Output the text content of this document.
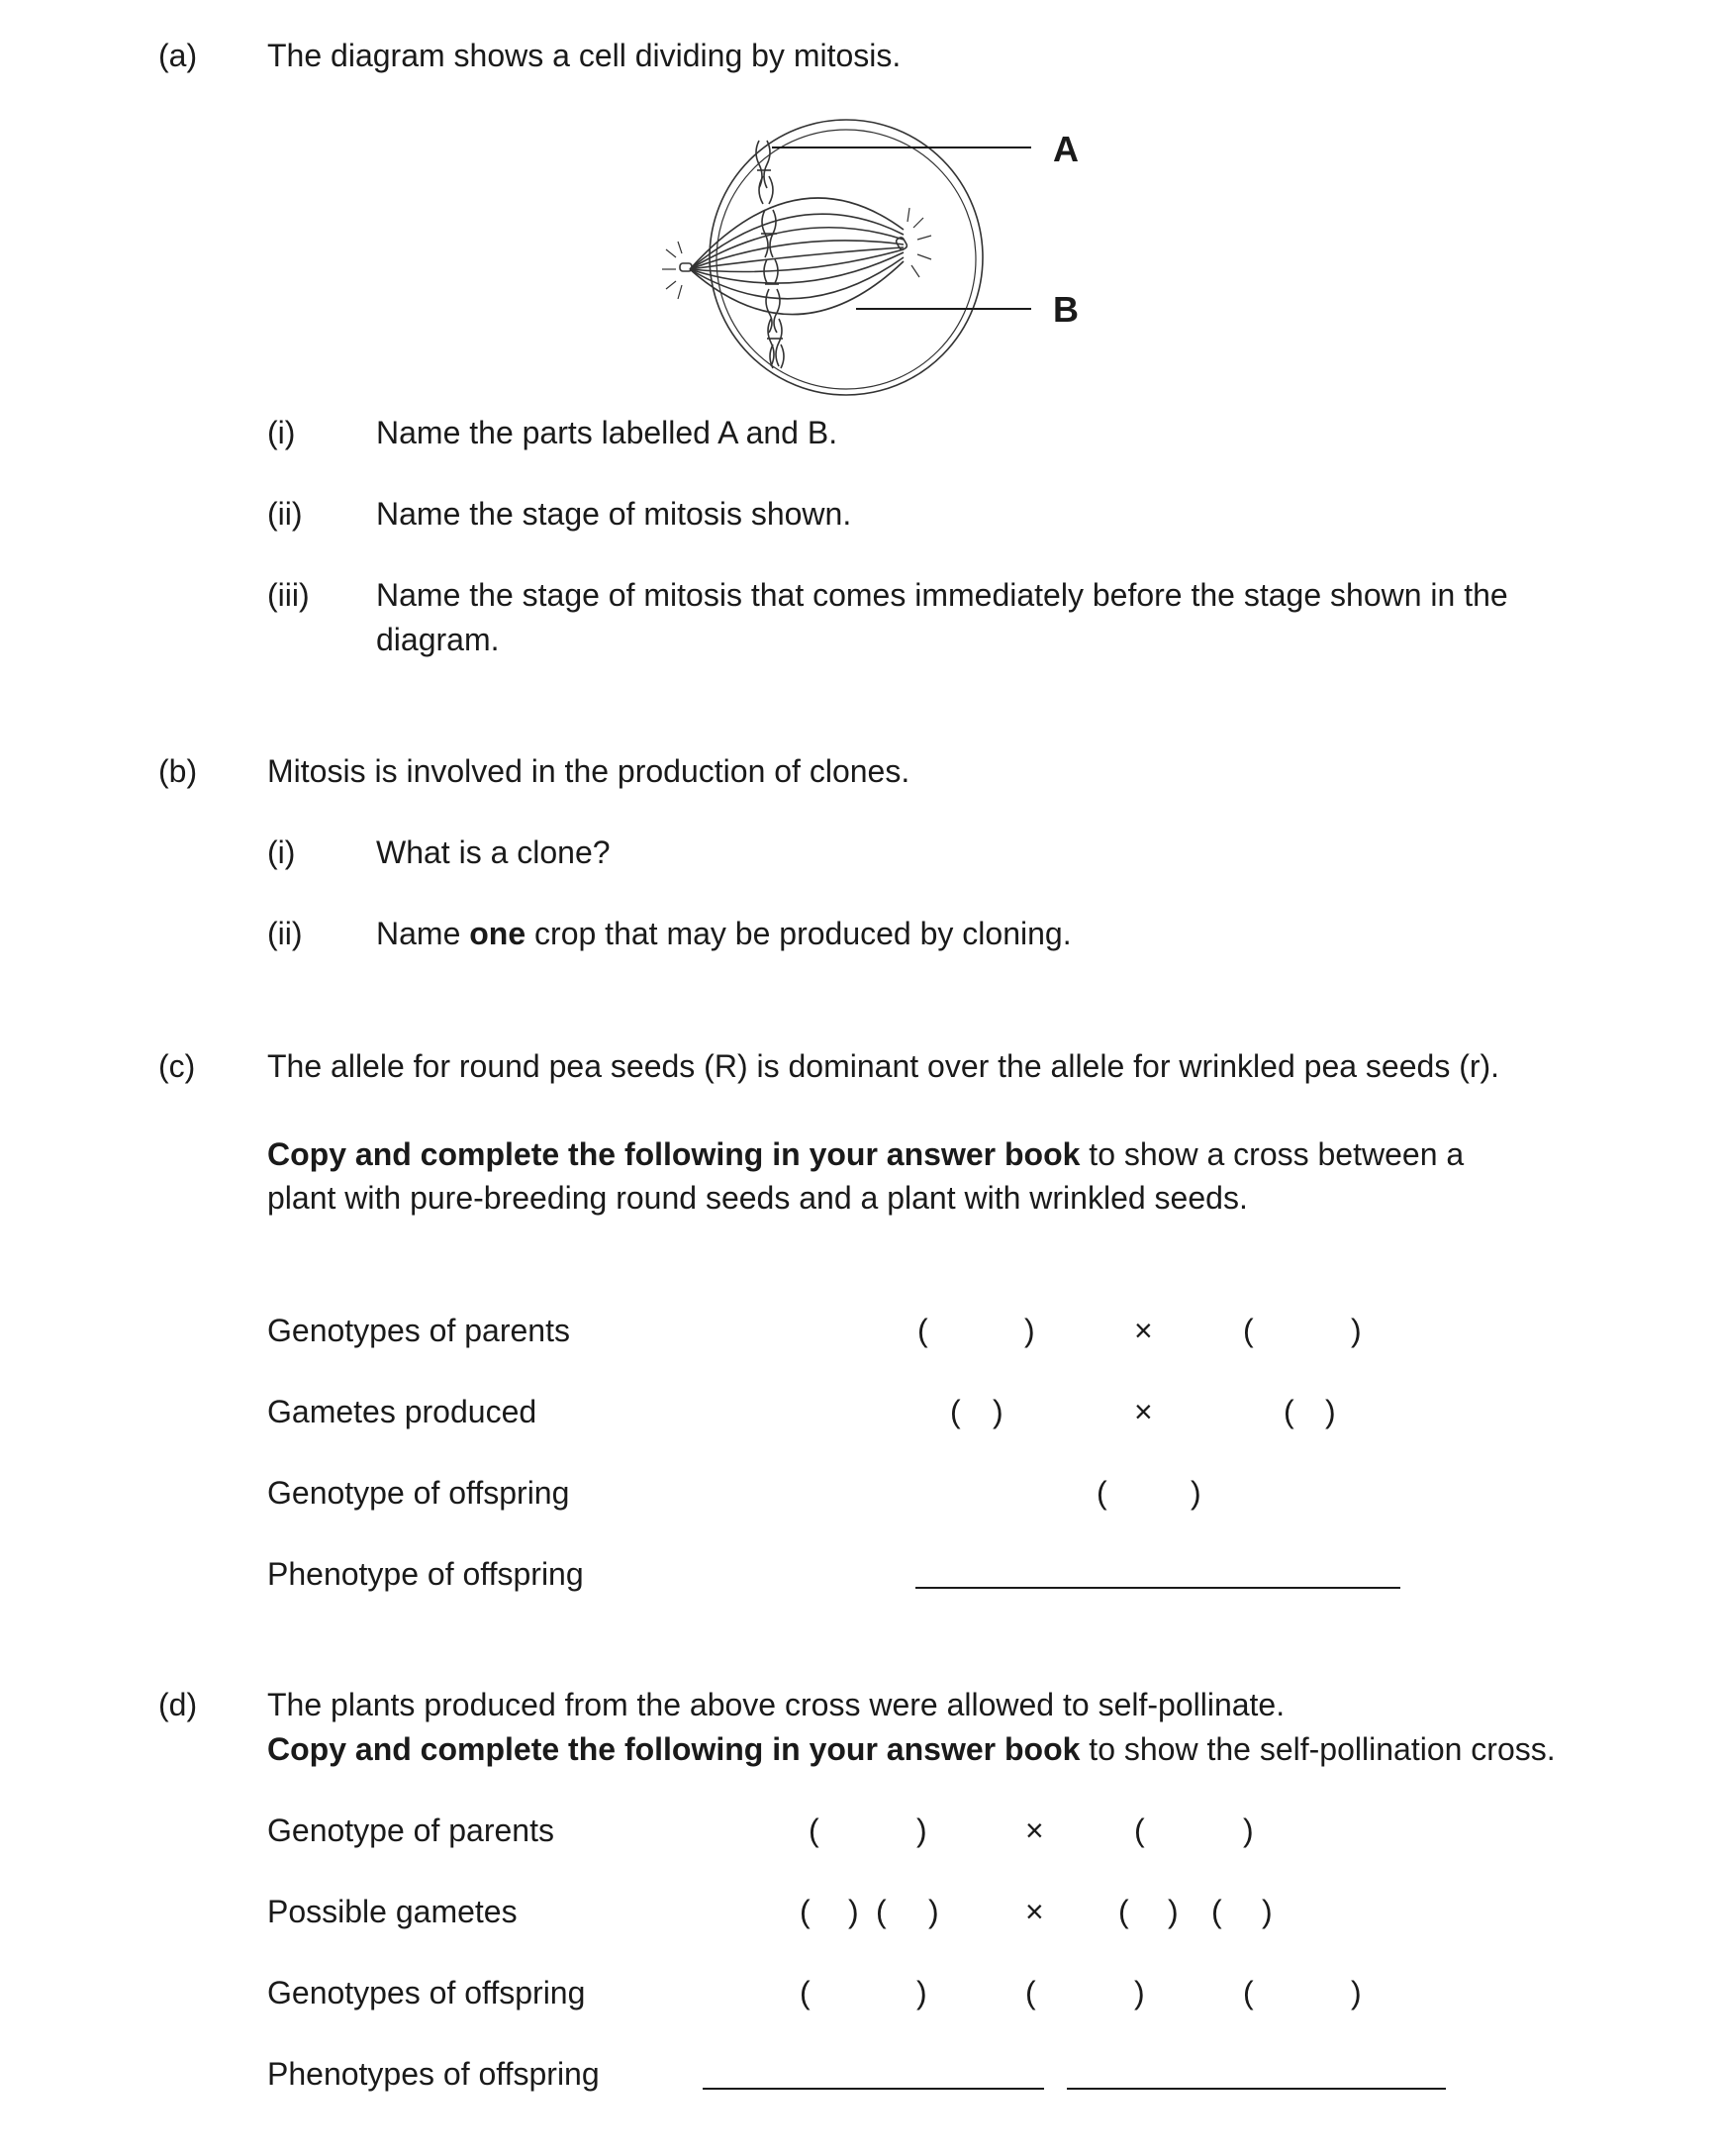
(a) The diagram shows a cell dividing by mitosis.
A
B
(i)	Name the parts labelled A and B.
(ii) Name the stage of mitosis shown.
(iii) Name the stage of mitosis that comes immediately before the stage shown in the
diagram.
(b) Mitosis is involved in the production of clones.
(i)	What is a clone?
(ii) Name one crop that may be produced by cloning.
(c) The allele for round pea seeds (R) is dominant over the allele for wrinkled pea seeds (r).
Copy and complete the following in your answer book to show a cross between a
plant with pure-breeding round seeds and a plant with wrinkled seeds.
Genotypes of parents	(	)	×	(	)
Gametes produced	( )	×	( )
Genotype of offspring	(	)
Phenotype of offspring
(d) The plants produced from the above cross were allowed to self-pollinate.
Copy and complete the following in your answer book to show the self-pollination cross.
Genotype of parents	(	)	×	(	)
Possible gametes	( ) ( )	× ( ) ( )
Genotypes of offspring	(	)	(	)	(	)
Phenotypes of offspring
